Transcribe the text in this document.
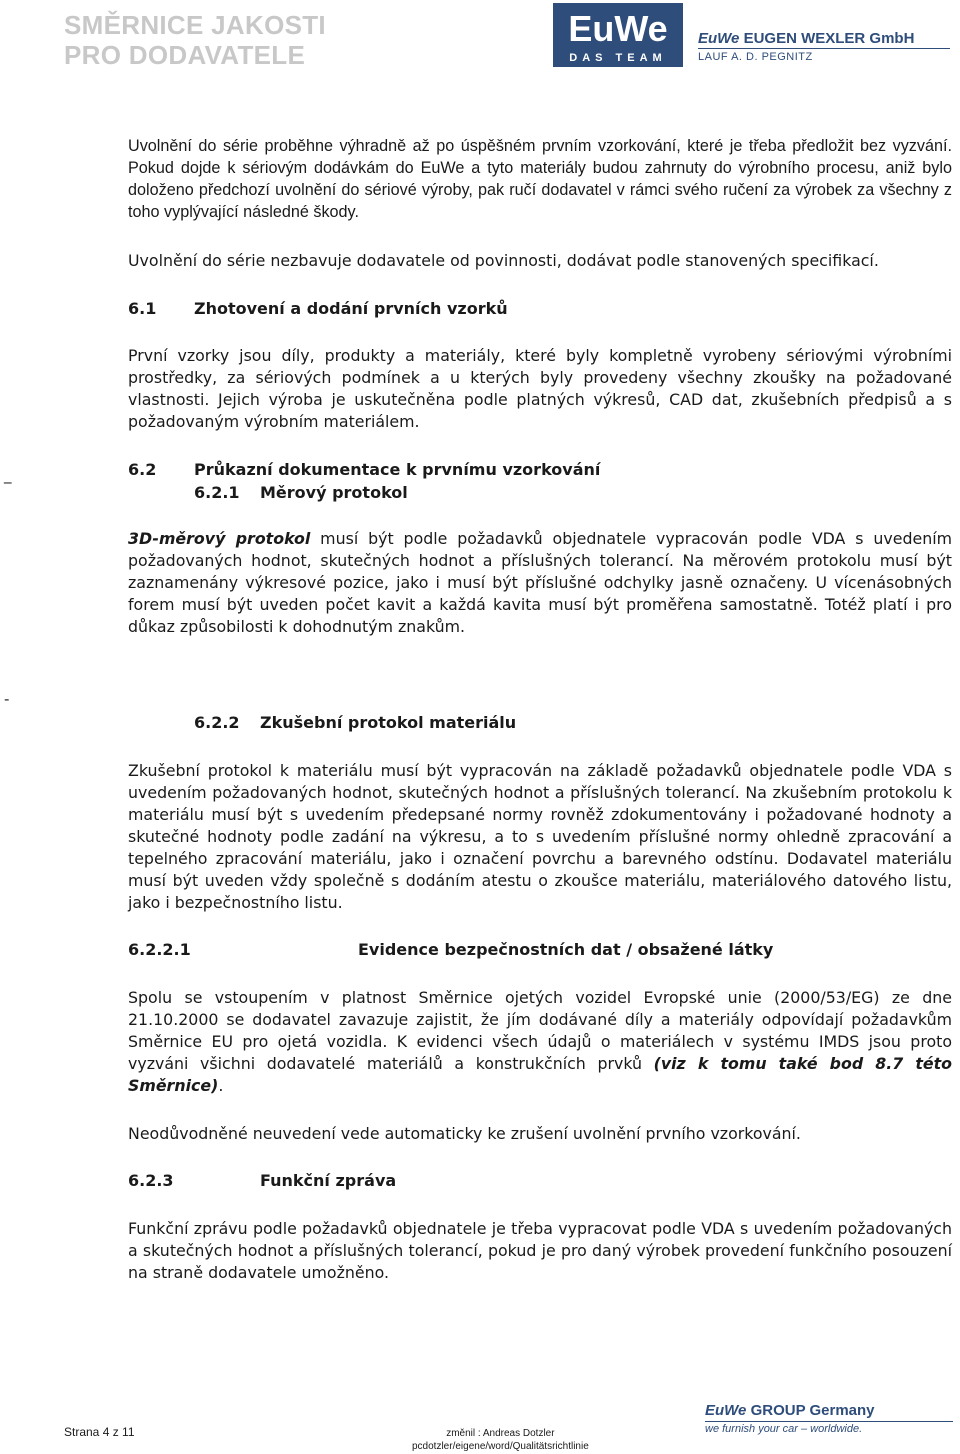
SMĚRNICE JAKOSTI
PRO DODAVATELE
EuWe
DAS TEAM
EuWe EUGEN WEXLER GmbH
LAUF A. D. PEGNITZ
Uvolnění do série proběhne výhradně až po úspěšném prvním vzorkování, které je třeba předložit bez vyzvání. Pokud dojde k sériovým dodávkám do EuWe a tyto materiály budou zahrnuty do výrobního procesu, aniž bylo doloženo předchozí uvolnění do sériové výroby, pak ručí dodavatel v rámci svého ručení za výrobek za všechny z toho vyplývající následné škody.
Uvolnění do série nezbavuje dodavatele od povinnosti, dodávat podle stanovených specifikací.
6.1 Zhotovení a dodání prvních vzorků
První vzorky jsou díly, produkty a materiály, které byly kompletně vyrobeny sériovými výrobními prostředky, za sériových podmínek a u kterých byly provedeny všechny zkoušky na požadované vlastnosti. Jejich výroba je uskutečněna podle platných výkresů, CAD dat, zkušebních předpisů a s požadovaným výrobním materiálem.
_	6.2 Průkazní dokumentace k prvnímu vzorkování
6.2.1 Měrový protokol
3D-měrový protokol musí být podle požadavků objednatele vypracován podle VDA s uvedením požadovaných hodnot, skutečných hodnot a příslušných tolerancí. Na měrovém protokolu musí být zaznamenány výkresové pozice, jako i musí být příslušné odchylky jasně označeny. U vícenásobných forem musí být uveden počet kavit a každá kavita musí být proměřena samostatně. Totéž platí i pro důkaz způsobilosti k dohodnutým znakům.
-
6.2.2 Zkušební protokol materiálu
Zkušební protokol k materiálu musí být vypracován na základě požadavků objednatele podle VDA s uvedením požadovaných hodnot, skutečných hodnot a příslušných tolerancí. Na zkušebním protokolu k materiálu musí být s uvedením předepsané normy rovněž zdokumentovány i požadované hodnoty a skutečné hodnoty podle zadání na výkresu, a to s uvedením příslušné normy ohledně zpracování a tepelného zpracování materiálu, jako i označení povrchu a barevného odstínu. Dodavatel materiálu musí být uveden vždy společně s dodáním atestu o zkoušce materiálu, materiálového datového listu, jako i bezpečnostního listu.
6.2.2.1	Evidence bezpečnostních dat / obsažené látky
Spolu se vstoupením v platnost Směrnice ojetých vozidel Evropské unie (2000/53/EG) ze dne 21.10.2000 se dodavatel zavazuje zajistit, že jím dodávané díly a materiály odpovídají požadavkům Směrnice EU pro ojetá vozidla. K evidenci všech údajů o materiálech v systému IMDS jsou proto vyzváni všichni dodavatelé materiálů a konstrukčních prvků (viz k tomu také bod 8.7 této Směrnice).
Neodůvodněné neuvedení vede automaticky ke zrušení uvolnění prvního vzorkování.
6.2.3	Funkční zpráva
Funkční zprávu podle požadavků objednatele je třeba vypracovat podle VDA s uvedením požadovaných a skutečných hodnot a příslušných tolerancí, pokud je pro daný výrobek provedení funkčního posouzení na straně dodavatele umožněno.
Strana 4 z 11	změnil : Andreas Dotzler
pcdotzler/eigene/word/Qualitätsrichtlinie
EuWe GROUP Germany
we furnish your car – worldwide.
